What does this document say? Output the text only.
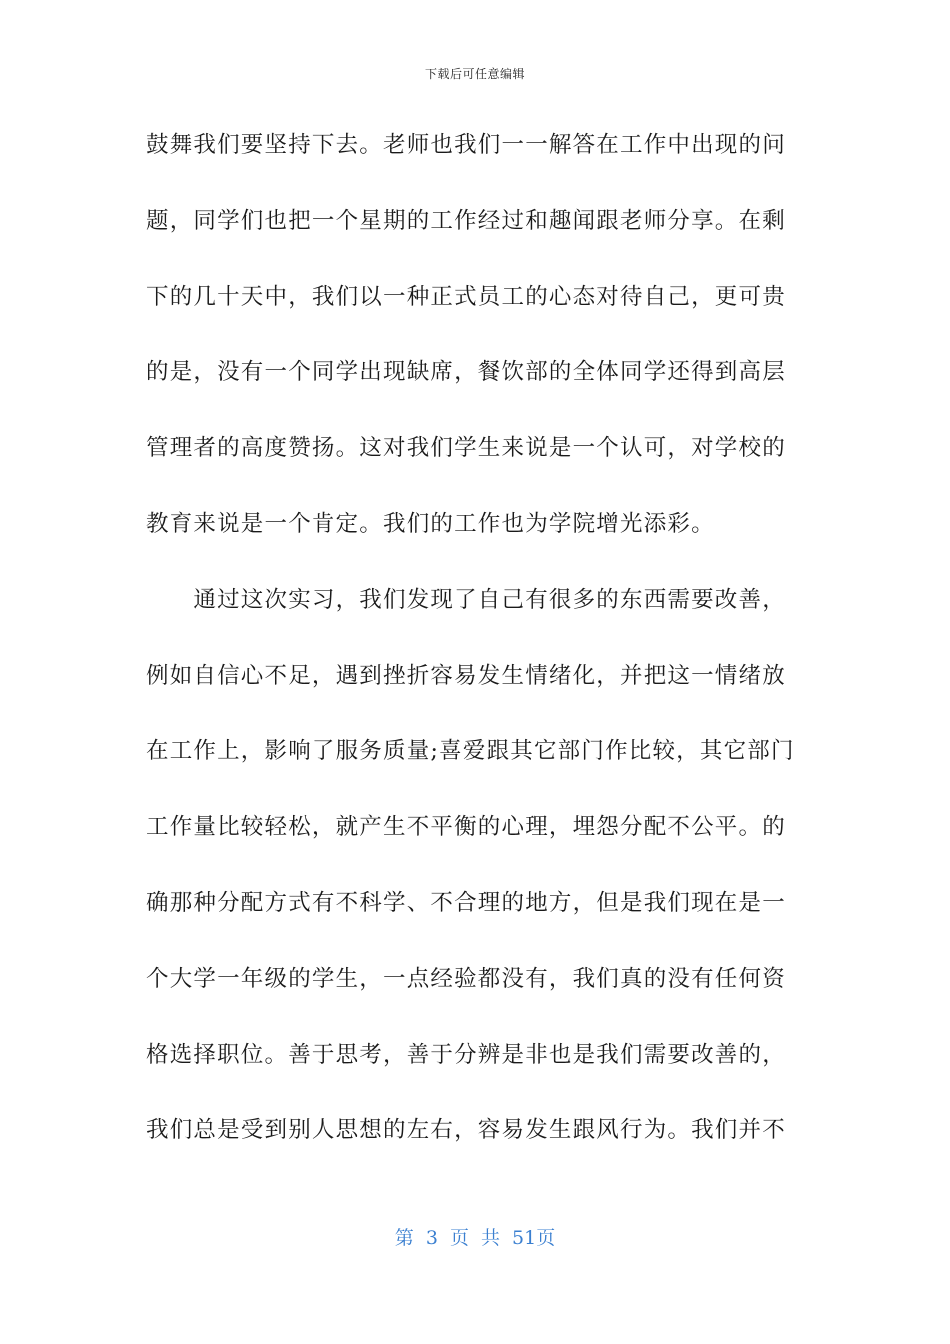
下载后可任意编辑
鼓舞我们要坚持下去。老师也我们一一解答在工作中出现的问
题，同学们也把一个星期的工作经过和趣闻跟老师分享。在剩
下的几十天中，我们以一种正式员工的心态对待自己，更可贵
的是，没有一个同学出现缺席，餐饮部的全体同学还得到高层
管理者的高度赞扬。这对我们学生来说是一个认可，对学校的
教育来说是一个肯定。我们的工作也为学院增光添彩。
　　通过这次实习，我们发现了自己有很多的东西需要改善，
例如自信心不足，遇到挫折容易发生情绪化，并把这一情绪放
在工作上，影响了服务质量;喜爱跟其它部门作比较，其它部门
工作量比较轻松，就产生不平衡的心理，埋怨分配不公平。的
确那种分配方式有不科学、不合理的地方，但是我们现在是一
个大学一年级的学生，一点经验都没有，我们真的没有任何资
格选择职位。善于思考，善于分辨是非也是我们需要改善的，
我们总是受到别人思想的左右，容易发生跟风行为。我们并不
第 3 页 共 51页
